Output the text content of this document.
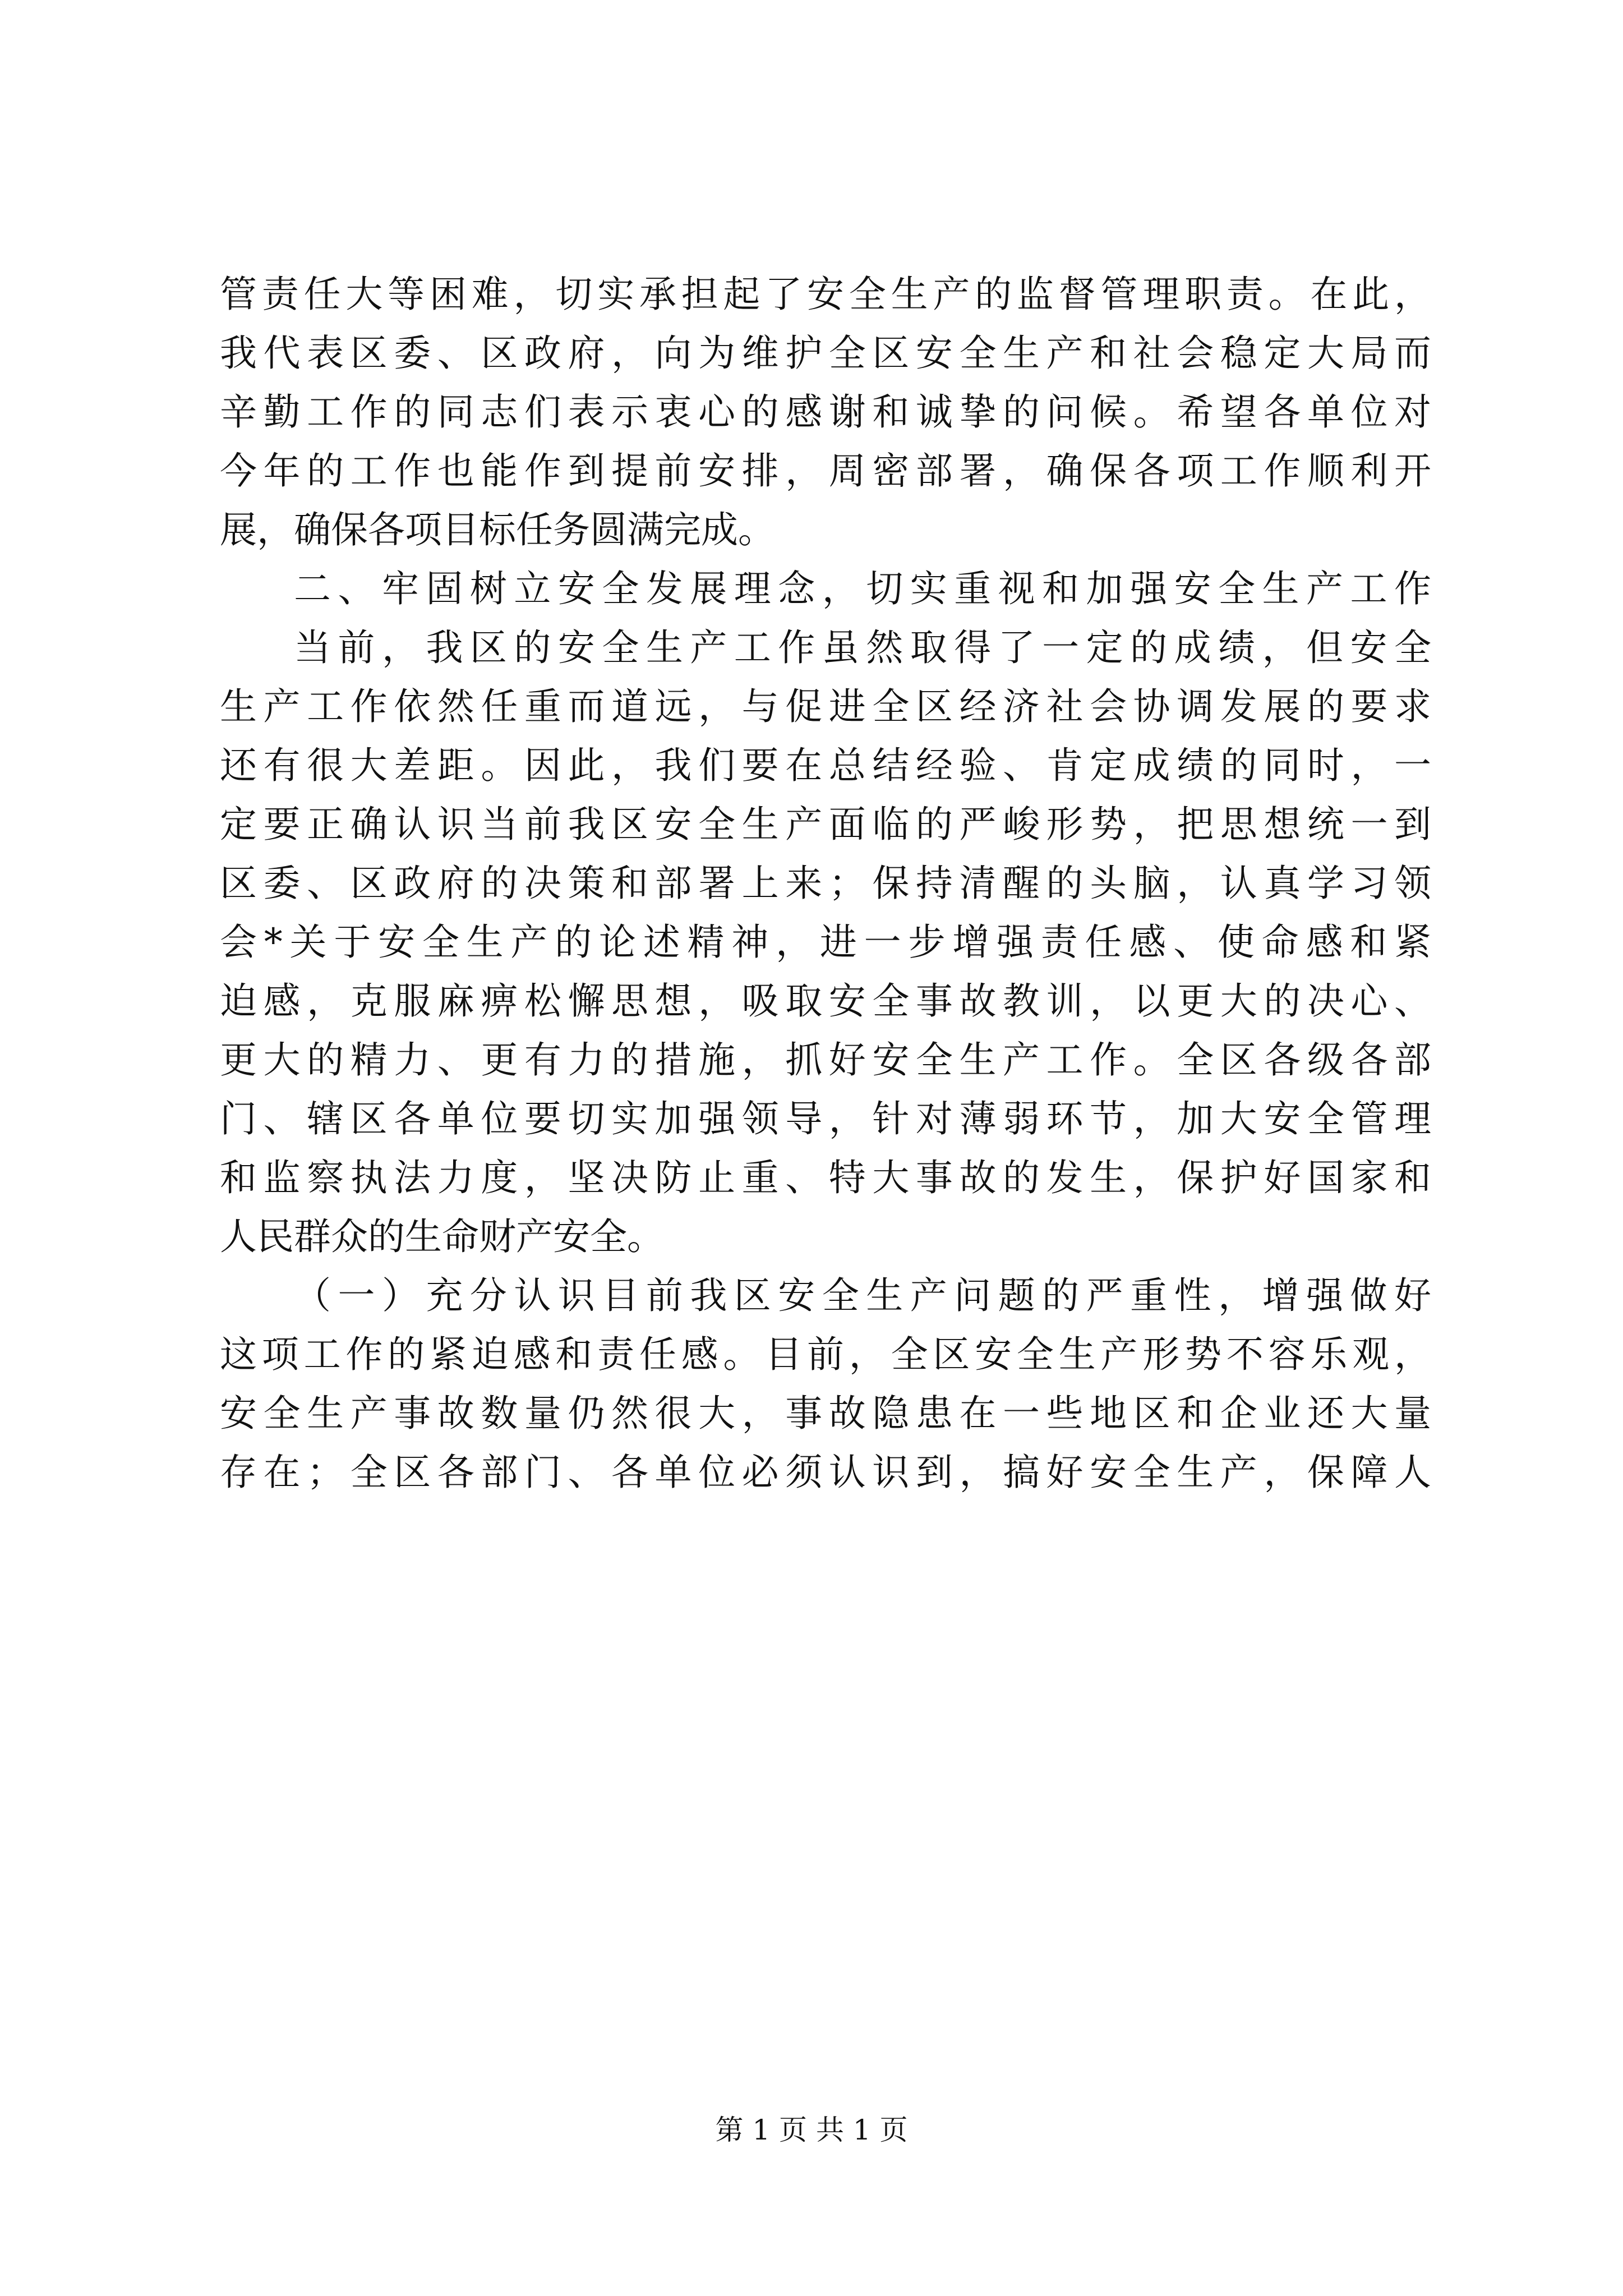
管责任大等困难，切实承担起了安全生产的监督管理职责。在此，
我代表区委、区政府，向为维护全区安全生产和社会稳定大局而
辛勤工作的同志们表示衷心的感谢和诚挚的问候。希望各单位对
今年的工作也能作到提前安排，周密部署，确保各项工作顺利开
展，确保各项目标任务圆满完成。
二、牢固树立安全发展理念，切实重视和加强安全生产工作
当前，我区的安全生产工作虽然取得了一定的成绩，但安全
生产工作依然任重而道远，与促进全区经济社会协调发展的要求
还有很大差距。因此，我们要在总结经验、肯定成绩的同时，一
定要正确认识当前我区安全生产面临的严峻形势，把思想统一到
区委、区政府的决策和部署上来；保持清醒的头脑，认真学习领
会*关于安全生产的论述精神，进一步增强责任感、使命感和紧
迫感，克服麻痹松懈思想，吸取安全事故教训，以更大的决心、
更大的精力、更有力的措施，抓好安全生产工作。全区各级各部
门、辖区各单位要切实加强领导，针对薄弱环节，加大安全管理
和监察执法力度，坚决防止重、特大事故的发生，保护好国家和
人民群众的生命财产安全。
（一）充分认识目前我区安全生产问题的严重性，增强做好
这项工作的紧迫感和责任感。目前，全区安全生产形势不容乐观，
安全生产事故数量仍然很大，事故隐患在一些地区和企业还大量
存在；全区各部门、各单位必须认识到，搞好安全生产，保障人
第 1 页 共 1 页
